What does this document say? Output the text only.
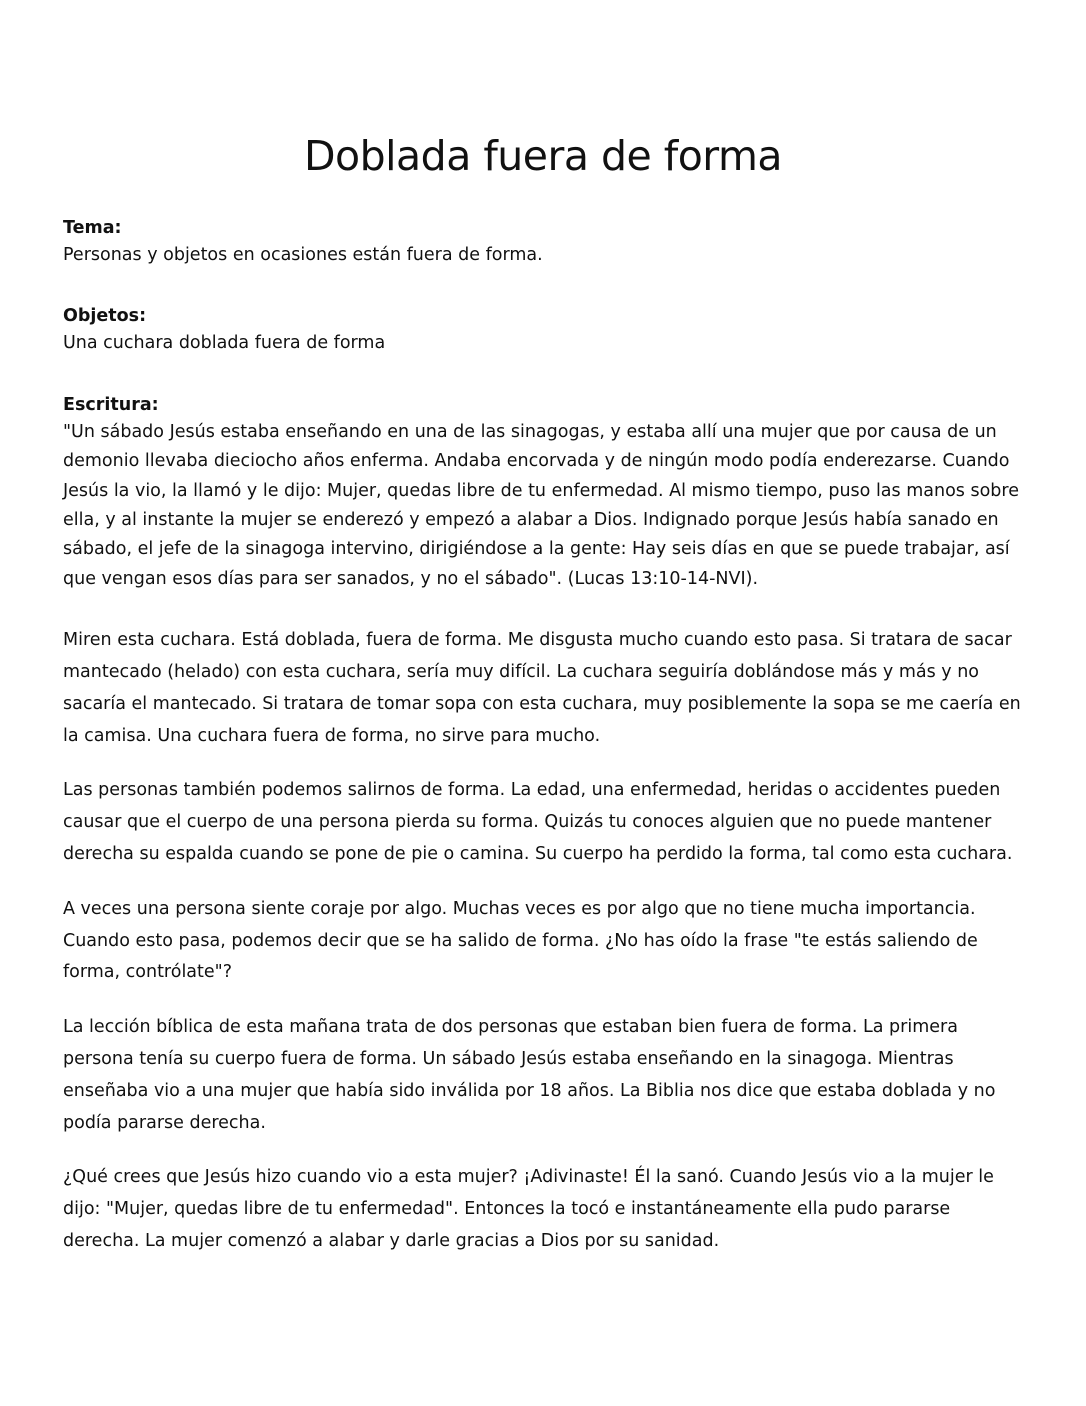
Doblada fuera de forma
Tema:
Personas y objetos en ocasiones están fuera de forma.
Objetos:
Una cuchara doblada fuera de forma
Escritura:
"Un sábado Jesús estaba enseñando en una de las sinagogas, y estaba allí una mujer que por causa de un demonio llevaba dieciocho años enferma. Andaba encorvada y de ningún modo podía enderezarse. Cuando Jesús la vio, la llamó y le dijo: Mujer, quedas libre de tu enfermedad. Al mismo tiempo, puso las manos sobre ella, y al instante la mujer se enderezó y empezó a alabar a Dios. Indignado porque Jesús había sanado en sábado, el jefe de la sinagoga intervino, dirigiéndose a la gente: Hay seis días en que se puede trabajar, así que vengan esos días para ser sanados, y no el sábado". (Lucas 13:10-14-NVI).

Miren esta cuchara. Está doblada, fuera de forma. Me disgusta mucho cuando esto pasa. Si tratara de sacar mantecado (helado) con esta cuchara, sería muy difícil. La cuchara seguiría doblándose más y más y no sacaría el mantecado. Si tratara de tomar sopa con esta cuchara, muy posiblemente la sopa se me caería en la camisa. Una cuchara fuera de forma, no sirve para mucho.

Las personas también podemos salirnos de forma. La edad, una enfermedad, heridas o accidentes pueden causar que el cuerpo de una persona pierda su forma. Quizás tu conoces alguien que no puede mantener derecha su espalda cuando se pone de pie o camina. Su cuerpo ha perdido la forma, tal como esta cuchara.

A veces una persona siente coraje por algo. Muchas veces es por algo que no tiene mucha importancia. Cuando esto pasa, podemos decir que se ha salido de forma. ¿No has oído la frase "te estás saliendo de forma, contrólate"?

La lección bíblica de esta mañana trata de dos personas que estaban bien fuera de forma. La primera persona tenía su cuerpo fuera de forma. Un sábado Jesús estaba enseñando en la sinagoga. Mientras enseñaba vio a una mujer que había sido inválida por 18 años. La Biblia nos dice que estaba doblada y no podía pararse derecha.

¿Qué crees que Jesús hizo cuando vio a esta mujer? ¡Adivinaste! Él la sanó. Cuando Jesús vio a la mujer le dijo: "Mujer, quedas libre de tu enfermedad". Entonces la tocó e instantáneamente ella pudo pararse derecha. La mujer comenzó a alabar y darle gracias a Dios por su sanidad.
